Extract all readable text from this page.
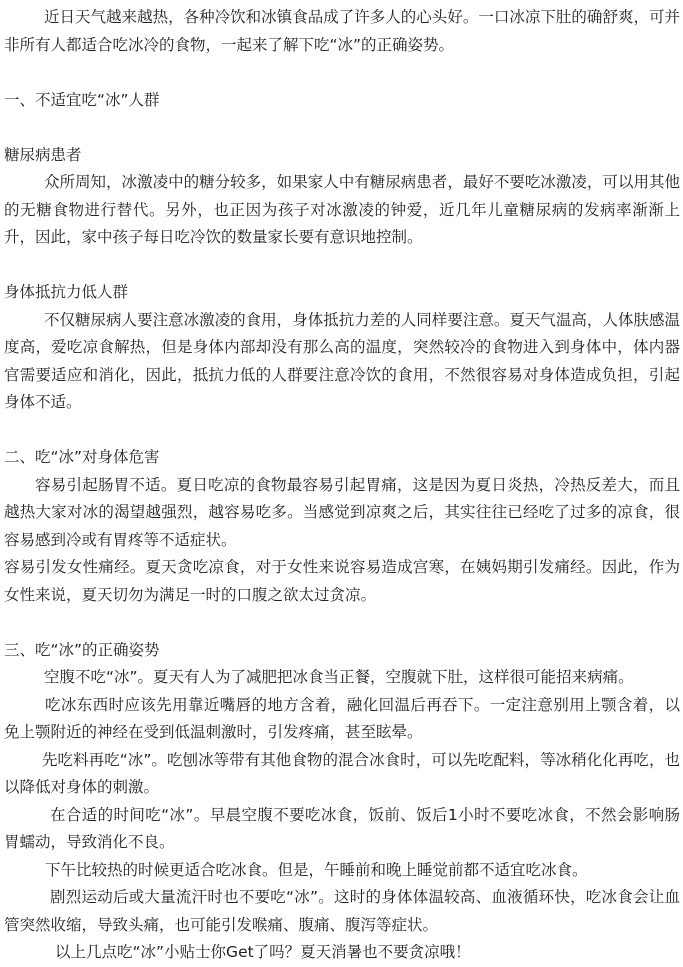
近日天气越来越热，各种冷饮和冰镇食品成了许多人的心头好。一口冰凉下肚的确舒爽，可并非所有人都适合吃冰冷的食物，一起来了解下吃“冰”的正确姿势。

一、不适宜吃“冰”人群
糖尿病患者

众所周知，冰激凌中的糖分较多，如果家人中有糖尿病患者，最好不要吃冰激凌，可以用其他的无糖食物进行替代。另外，也正因为孩子对冰激凌的钟爱，近几年儿童糖尿病的发病率渐渐上升，因此，家中孩子每日吃冷饮的数量家长要有意识地控制。

身体抵抗力低人群

不仅糖尿病人要注意冰激凌的食用，身体抵抗力差的人同样要注意。夏天气温高，人体肤感温度高，爱吃凉食解热，但是身体内部却没有那么高的温度，突然较冷的食物进入到身体中，体内器官需要适应和消化，因此，抵抗力低的人群要注意冷饮的食用，不然很容易对身体造成负担，引起身体不适。

二、吃“冰”对身体危害

容易引起肠胃不适。夏日吃凉的食物最容易引起胃痛，这是因为夏日炎热，冷热反差大，而且越热大家对冰的渴望越强烈，越容易吃多。当感觉到凉爽之后，其实往往已经吃了过多的凉食，很容易感到冷或有胃疼等不适症状。

容易引发女性痛经。夏天贪吃凉食，对于女性来说容易造成宫寒，在姨妈期引发痛经。因此，作为女性来说，夏天切勿为满足一时的口腹之欲太过贪凉。

三、吃“冰”的正确姿势

空腹不吃“冰”。夏天有人为了减肥把冰食当正餐，空腹就下肚，这样很可能招来病痛。

吃冰东西时应该先用靠近嘴唇的地方含着，融化回温后再吞下。一定注意别用上颚含着，以免上颚附近的神经在受到低温刺激时，引发疼痛，甚至眩晕。

先吃料再吃“冰”。吃刨冰等带有其他食物的混合冰食时，可以先吃配料，等冰稍化化再吃，也以降低对身体的刺激。

在合适的时间吃“冰”。早晨空腹不要吃冰食，饭前、饭后1小时不要吃冰食，不然会影响肠胃蠕动，导致消化不良。

下午比较热的时候更适合吃冰食。但是，午睡前和晚上睡觉前都不适宜吃冰食。

剧烈运动后或大量流汗时也不要吃“冰”。这时的身体体温较高、血液循环快，吃冰食会让血管突然收缩，导致头痛，也可能引发喉痛、腹痛、腹泻等症状。

以上几点吃“冰”小贴士你Get了吗？夏天消暑也不要贪凉哦！
